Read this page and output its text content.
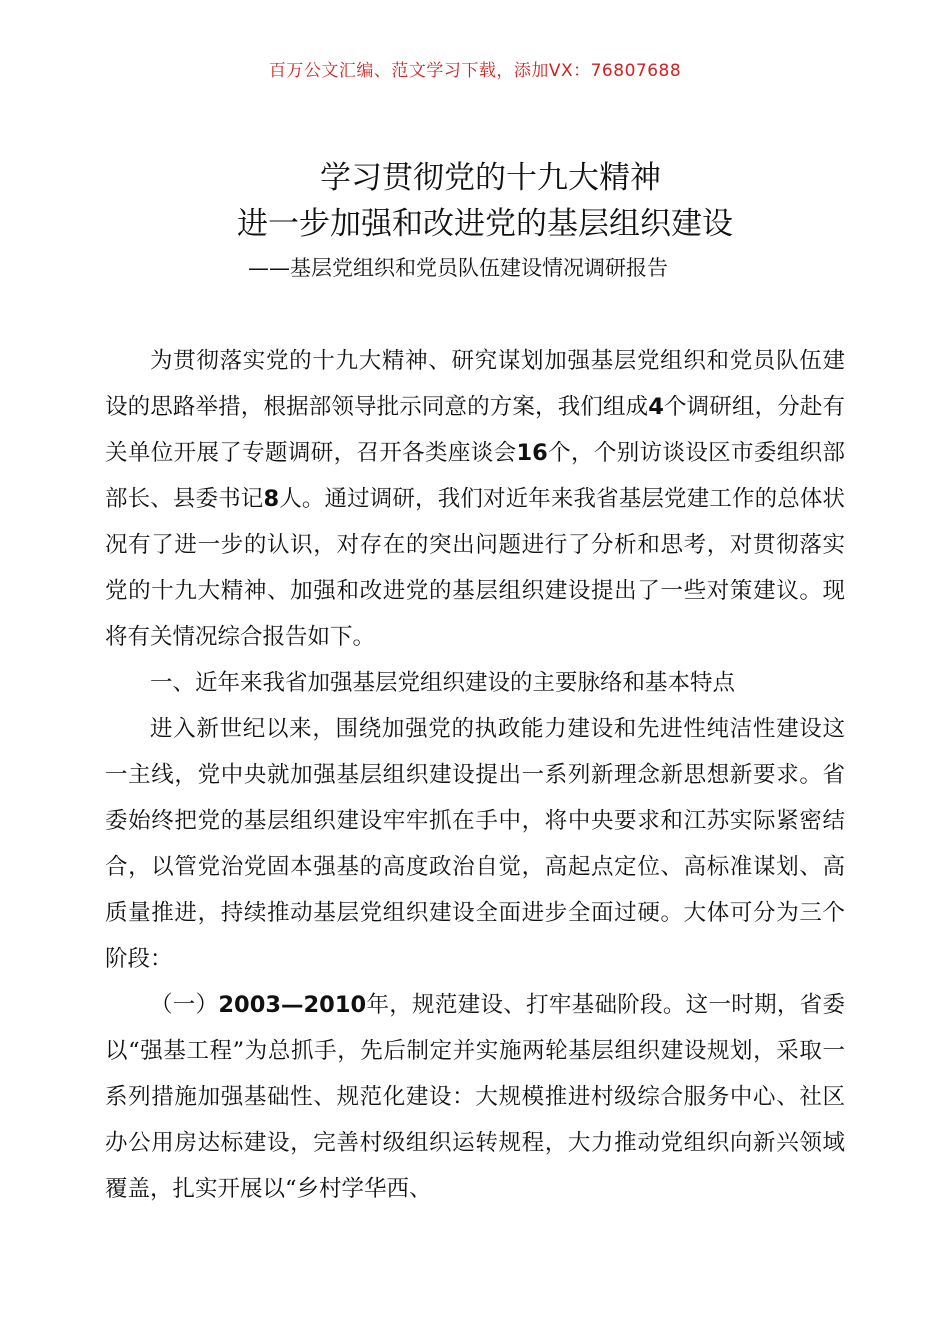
百万公文汇编、范文学习下载，添加VX：76807688
学习贯彻党的十九大精神
进一步加强和改进党的基层组织建设
——基层党组织和党员队伍建设情况调研报告

为贯彻落实党的十九大精神、研究谋划加强基层党组织和党员队伍建设的思路举措，根据部领导批示同意的方案，我们组成4个调研组，分赴有关单位开展了专题调研，召开各类座谈会16个，个别访谈设区市委组织部部长、县委书记8人。通过调研，我们对近年来我省基层党建工作的总体状况有了进一步的认识，对存在的突出问题进行了分析和思考，对贯彻落实党的十九大精神、加强和改进党的基层组织建设提出了一些对策建议。现将有关情况综合报告如下。

一、近年来我省加强基层党组织建设的主要脉络和基本特点

进入新世纪以来，围绕加强党的执政能力建设和先进性纯洁性建设这一主线，党中央就加强基层组织建设提出一系列新理念新思想新要求。省委始终把党的基层组织建设牢牢抓在手中，将中央要求和江苏实际紧密结合，以管党治党固本强基的高度政治自觉，高起点定位、高标准谋划、高质量推进，持续推动基层党组织建设全面进步全面过硬。大体可分为三个阶段：

（一）2003—2010年，规范建设、打牢基础阶段。这一时期，省委以“强基工程”为总抓手，先后制定并实施两轮基层组织建设规划，采取一系列措施加强基础性、规范化建设：大规模推进村级综合服务中心、社区办公用房达标建设，完善村级组织运转规程，大力推动党组织向新兴领域覆盖，扎实开展以“乡村学华西、
